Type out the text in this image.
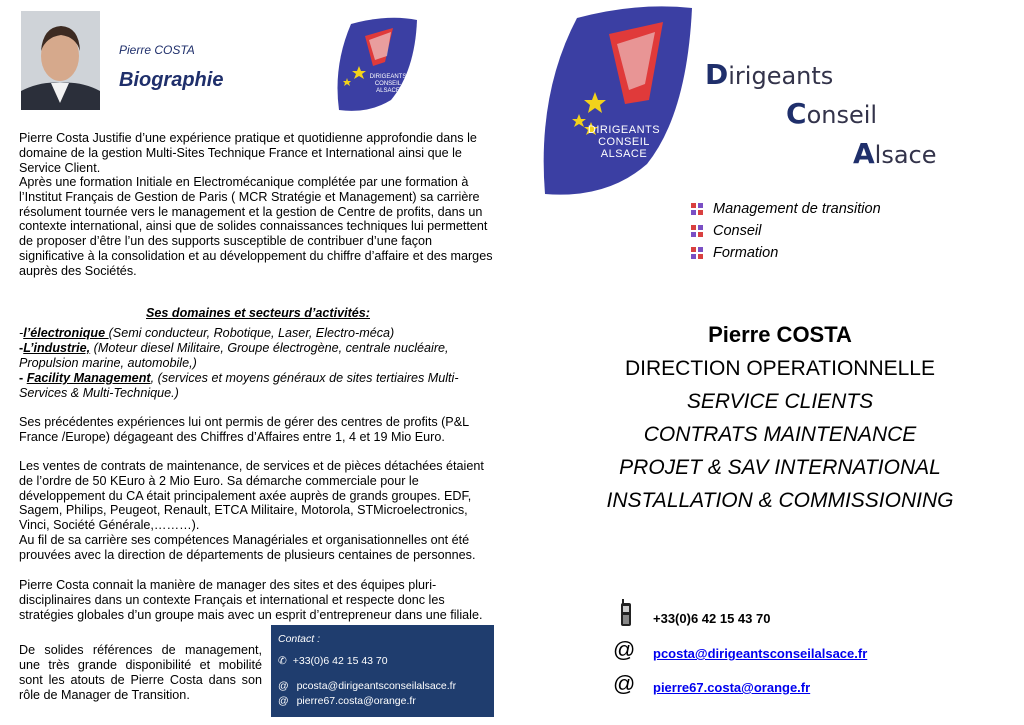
Pierre COSTA
Biographie	DIRIGEANTS
CONSEIL
ALSACE

Pierre Costa Justifie d’une expérience pratique et quotidienne approfondie dans le domaine de la gestion Multi-Sites Technique France et International ainsi que le Service Client.

Après une formation Initiale en Electromécanique complétée par une formation à l’Institut Français de Gestion de Paris ( MCR Stratégie et Management) sa carrière résolument tournée vers le management et la gestion de Centre de profits, dans un contexte international, ainsi que de solides connaissances techniques lui permettent de proposer d’être l’un des supports susceptible de contribuer d’une façon significative à la consolidation et au développement du chiffre d’affaire et des marges auprès des Sociétés.

Ses domaines et secteurs d’activités:
-l’électronique (Semi conducteur, Robotique, Laser, Electro-méca)
-L’industrie, (Moteur diesel Militaire, Groupe électrogène, centrale nucléaire, Propulsion marine, automobile,)
- Facility Management, (services et moyens généraux de sites tertiaires Multi-Services & Multi-Technique.)

Ses précédentes expériences lui ont permis de gérer des centres de profits (P&L France /Europe) dégageant des Chiffres d’Affaires entre 1, 4 et 19 Mio Euro.

Les ventes de contrats de maintenance, de services et de pièces détachées étaient de l’ordre de 50 KEuro à 2 Mio Euro. Sa démarche commerciale pour le développement du CA était principalement axée auprès de grands groupes. EDF, Sagem, Philips, Peugeot, Renault, ETCA Militaire, Motorola, STMicroelectronics, Vinci, Société Générale,………).

Au fil de sa carrière ses compétences Managériales et organisationnelles ont été prouvées avec la direction de départements de plusieurs centaines de personnes.

Pierre Costa connait la manière de manager des sites et des équipes pluri-disciplinaires dans un contexte Français et international et respecte donc les stratégies globales d’un groupe mais avec un esprit d’entrepreneur dans une filiale.

De solides références de management, une très grande disponibilité et mobilité sont les atouts de Pierre Costa dans son rôle de Manager de Transition.
Contact :
✆ +33(0)6 42 15 43 70
@ pcosta@dirigeantsconseilalsace.fr
@ pierre67.costa@orange.fr
DIRIGEANTS
CONSEIL
ALSACE
Dirigeants
Conseil
Alsace
Management de transition
Conseil
Formation
Pierre COSTA
DIRECTION OPERATIONNELLE
SERVICE CLIENTS
CONTRATS MAINTENANCE
PROJET & SAV INTERNATIONAL
INSTALLATION & COMMISSIONING
+33(0)6 42 15 43 70
@ pcosta@dirigeantsconseilalsace.fr
@ pierre67.costa@orange.fr
